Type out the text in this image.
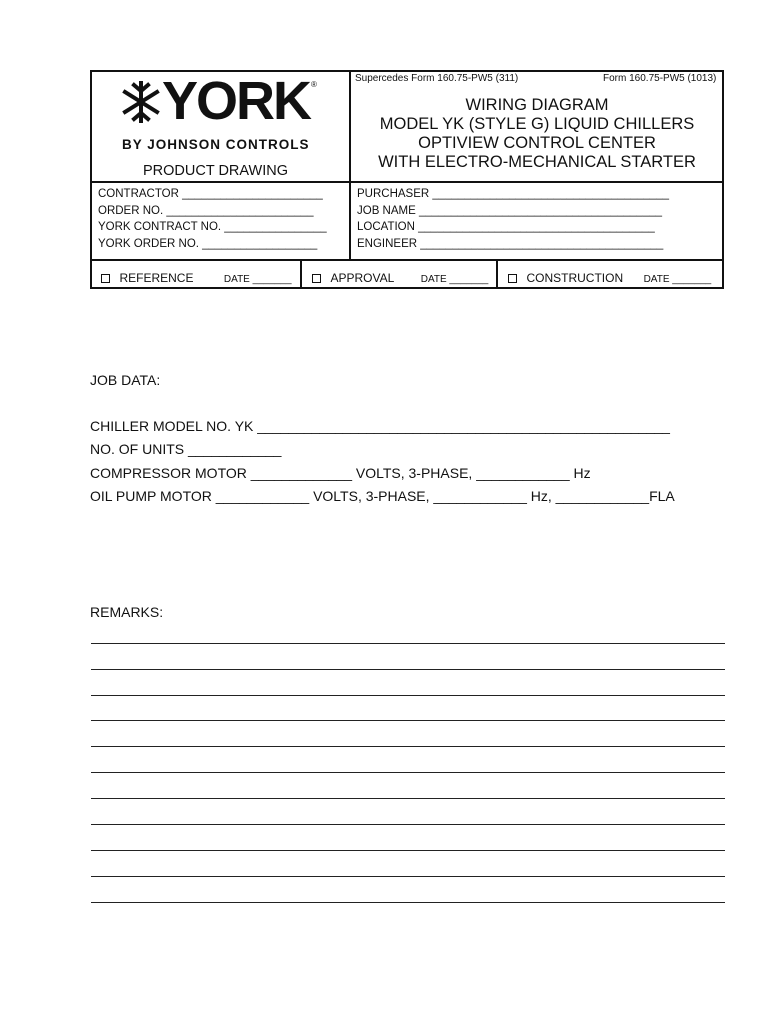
YORK ®
BY JOHNSON CONTROLS
PRODUCT DRAWING
Supercedes Form 160.75-PW5 (311)	Form 160.75-PW5 (1013)
WIRING DIAGRAM
MODEL YK (STYLE G) LIQUID CHILLERS
OPTIVIEW CONTROL CENTER
WITH ELECTRO-MECHANICAL STARTER
CONTRACTOR ______________________
ORDER NO. _______________________
YORK CONTRACT NO. ________________
YORK ORDER NO. __________________
PURCHASER _____________________________________
JOB NAME ______________________________________
LOCATION _____________________________________
ENGINEER ______________________________________
REFERENCE	DATE _______	APPROVAL	DATE _______	CONSTRUCTION DATE _______
JOB DATA:
CHILLER MODEL NO. YK _____________________________________________________
NO. OF UNITS ____________
COMPRESSOR MOTOR _____________ VOLTS, 3-PHASE, ____________ Hz
OIL PUMP MOTOR ____________ VOLTS, 3-PHASE, ____________ Hz, ____________FLA
REMARKS:
